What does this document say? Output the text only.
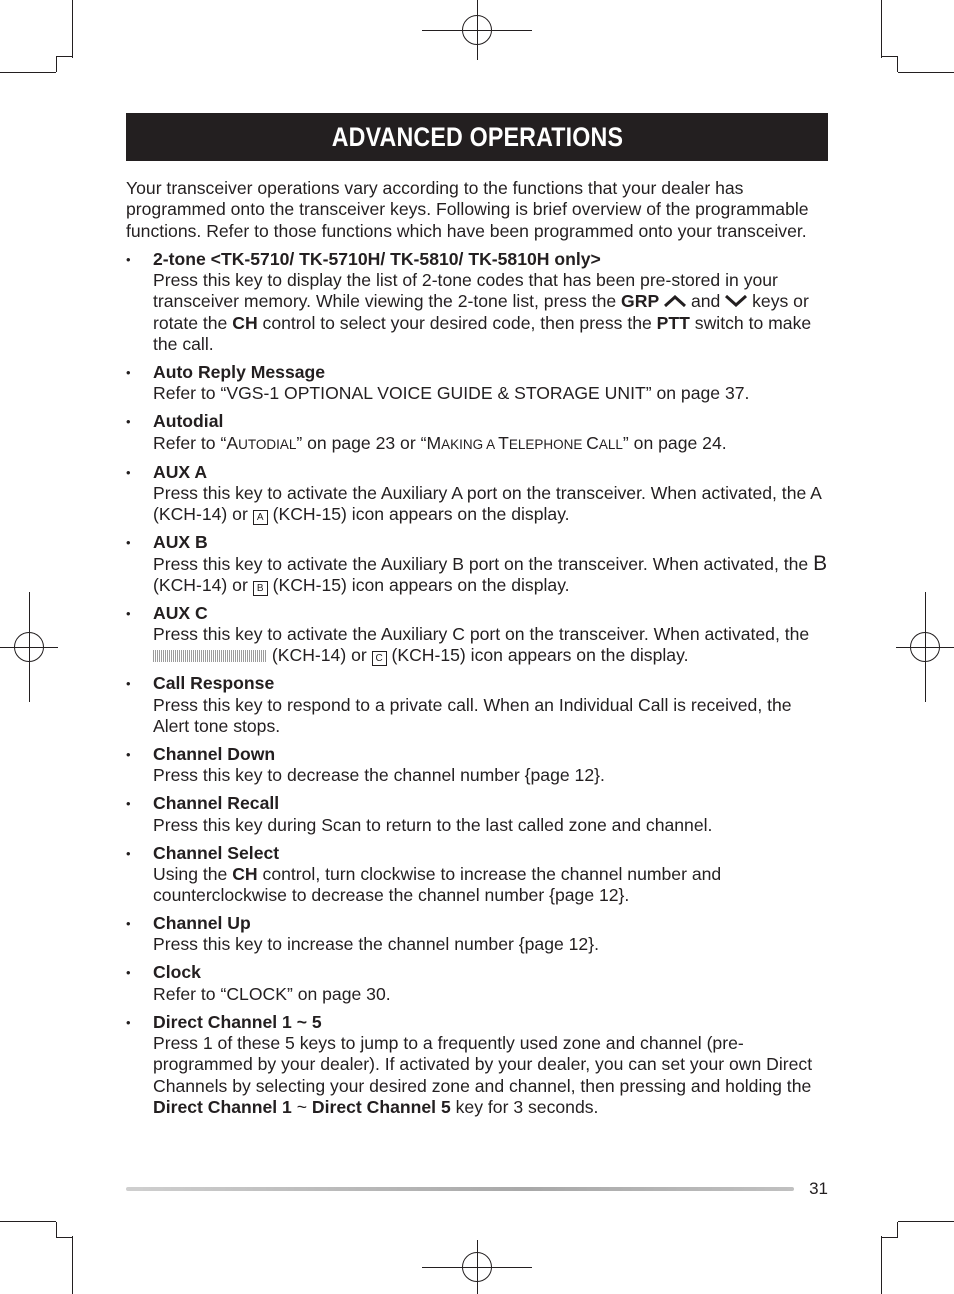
ADVANCED OPERATIONS

Your transceiver operations vary according to the functions that your dealer has programmed onto the transceiver keys. Following is brief overview of the programmable functions. Refer to those functions which have been programmed onto your transceiver.

•	2-tone <TK-5710/ TK-5710H/ TK-5810/ TK-5810H only>
Press this key to display the list of 2-tone codes that has been pre-stored in your transceiver memory. While viewing the 2-tone list, press the GRP  and  keys or rotate the CH control to select your desired code, then press the PTT switch to make the call.
•	Auto Reply Message
Refer to “VGS-1 OPTIONAL VOICE GUIDE & STORAGE UNIT” on page 37.
•	Autodial
Refer to “AUTODIAL” on page 23 or “MAKING A TELEPHONE CALL” on page 24.
•	AUX A
Press this key to activate the Auxiliary A port on the transceiver. When activated, the A (KCH-14) or A (KCH-15) icon appears on the display.
•	AUX B
Press this key to activate the Auxiliary B port on the transceiver. When activated, the B (KCH-14) or B (KCH-15) icon appears on the display.
•	AUX C
Press this key to activate the Auxiliary C port on the transceiver. When activated, the  (KCH-14) or C (KCH-15) icon appears on the display.
•	Call Response
Press this key to respond to a private call. When an Individual Call is received, the Alert tone stops.
•	Channel Down
Press this key to decrease the channel number {page 12}.
•	Channel Recall
Press this key during Scan to return to the last called zone and channel.
•	Channel Select
Using the CH control, turn clockwise to increase the channel number and counterclockwise to decrease the channel number {page 12}.
•	Channel Up
Press this key to increase the channel number {page 12}.
•	Clock
Refer to “CLOCK” on page 30.
•	Direct Channel 1 ~ 5
Press 1 of these 5 keys to jump to a frequently used zone and channel (pre-programmed by your dealer). If activated by your dealer, you can set your own Direct Channels by selecting your desired zone and channel, then pressing and holding the Direct Channel 1 ~ Direct Channel 5 key for 3 seconds.
31
